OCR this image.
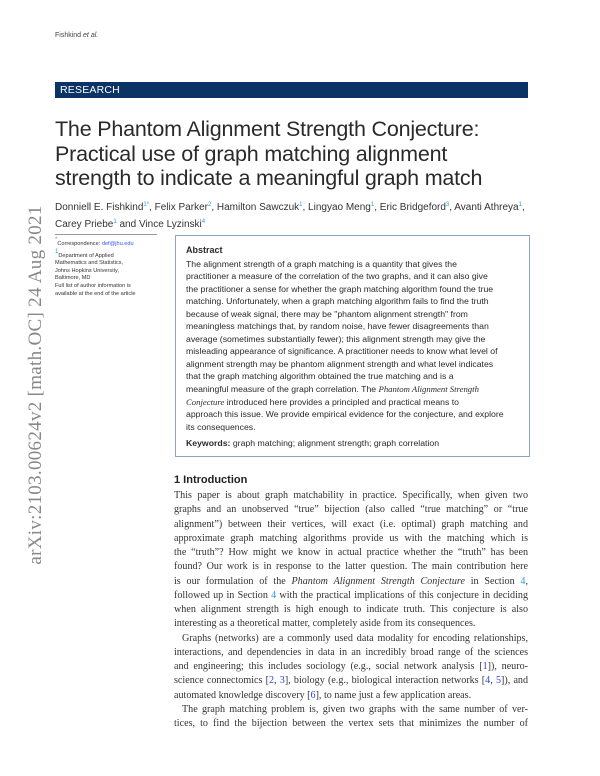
Fishkind et al.
arXiv:2103.00624v2 [math.OC] 24 Aug 2021
RESEARCH
The Phantom Alignment Strength Conjecture:
Practical use of graph matching alignment
strength to indicate a meaningful graph match
Donniell E. Fishkind$^{1*}$, Felix Parker$^2$, Hamilton Sawczuk$^1$, Lingyao Meng$^1$, Eric Bridgeford$^3$, Avanti Athreya$^1$, Carey Priebe$^1$ and Vince Lyzinski$^4$
*Correspondence: def@jhu.edu
$^1$Department of Applied
Mathematics and Statistics,
Johns Hopkins University,
Baltimore, MD
Full list of author information is
available at the end of the article
Abstract
The alignment strength of a graph matching is a quantity that gives the
practitioner a measure of the correlation of the two graphs, and it can also give
the practitioner a sense for whether the graph matching algorithm found the true
matching. Unfortunately, when a graph matching algorithm fails to find the truth
because of weak signal, there may be "phantom alignment strength" from
meaningless matchings that, by random noise, have fewer disagreements than
average (sometimes substantially fewer); this alignment strength may give the
misleading appearance of significance. A practitioner needs to know what level of
alignment strength may be phantom alignment strength and what level indicates
that the graph matching algorithm obtained the true matching and is a
meaningful measure of the graph correlation. The Phantom Alignment Strength
Conjecture introduced here provides a principled and practical means to
approach this issue. We provide empirical evidence for the conjecture, and explore
its consequences.
Keywords: graph matching; alignment strength; graph correlation
1 Introduction
This paper is about graph matchability in practice. Specifically, when given two
graphs and an unobserved “true” bijection (also called “true matching” or “true
alignment”) between their vertices, will exact (i.e. optimal) graph matching and
approximate graph matching algorithms provide us with the matching which is
the “truth”? How might we know in actual practice whether the “truth” has been
found? Our work is in response to the latter question. The main contribution here
is our formulation of the Phantom Alignment Strength Conjecture in Section 4,
followed up in Section 4 with the practical implications of this conjecture in deciding
when alignment strength is high enough to indicate truth. This conjecture is also
interesting as a theoretical matter, completely aside from its consequences.
Graphs (networks) are a commonly used data modality for encoding relationships,
interactions, and dependencies in data in an incredibly broad range of the sciences
and engineering; this includes sociology (e.g., social network analysis [1]), neuro-
science connectomics [2, 3], biology (e.g., biological interaction networks [4, 5]), and
automated knowledge discovery [6], to name just a few application areas.
The graph matching problem is, given two graphs with the same number of ver-
tices, to find the bijection between the vertex sets that minimizes the number of
